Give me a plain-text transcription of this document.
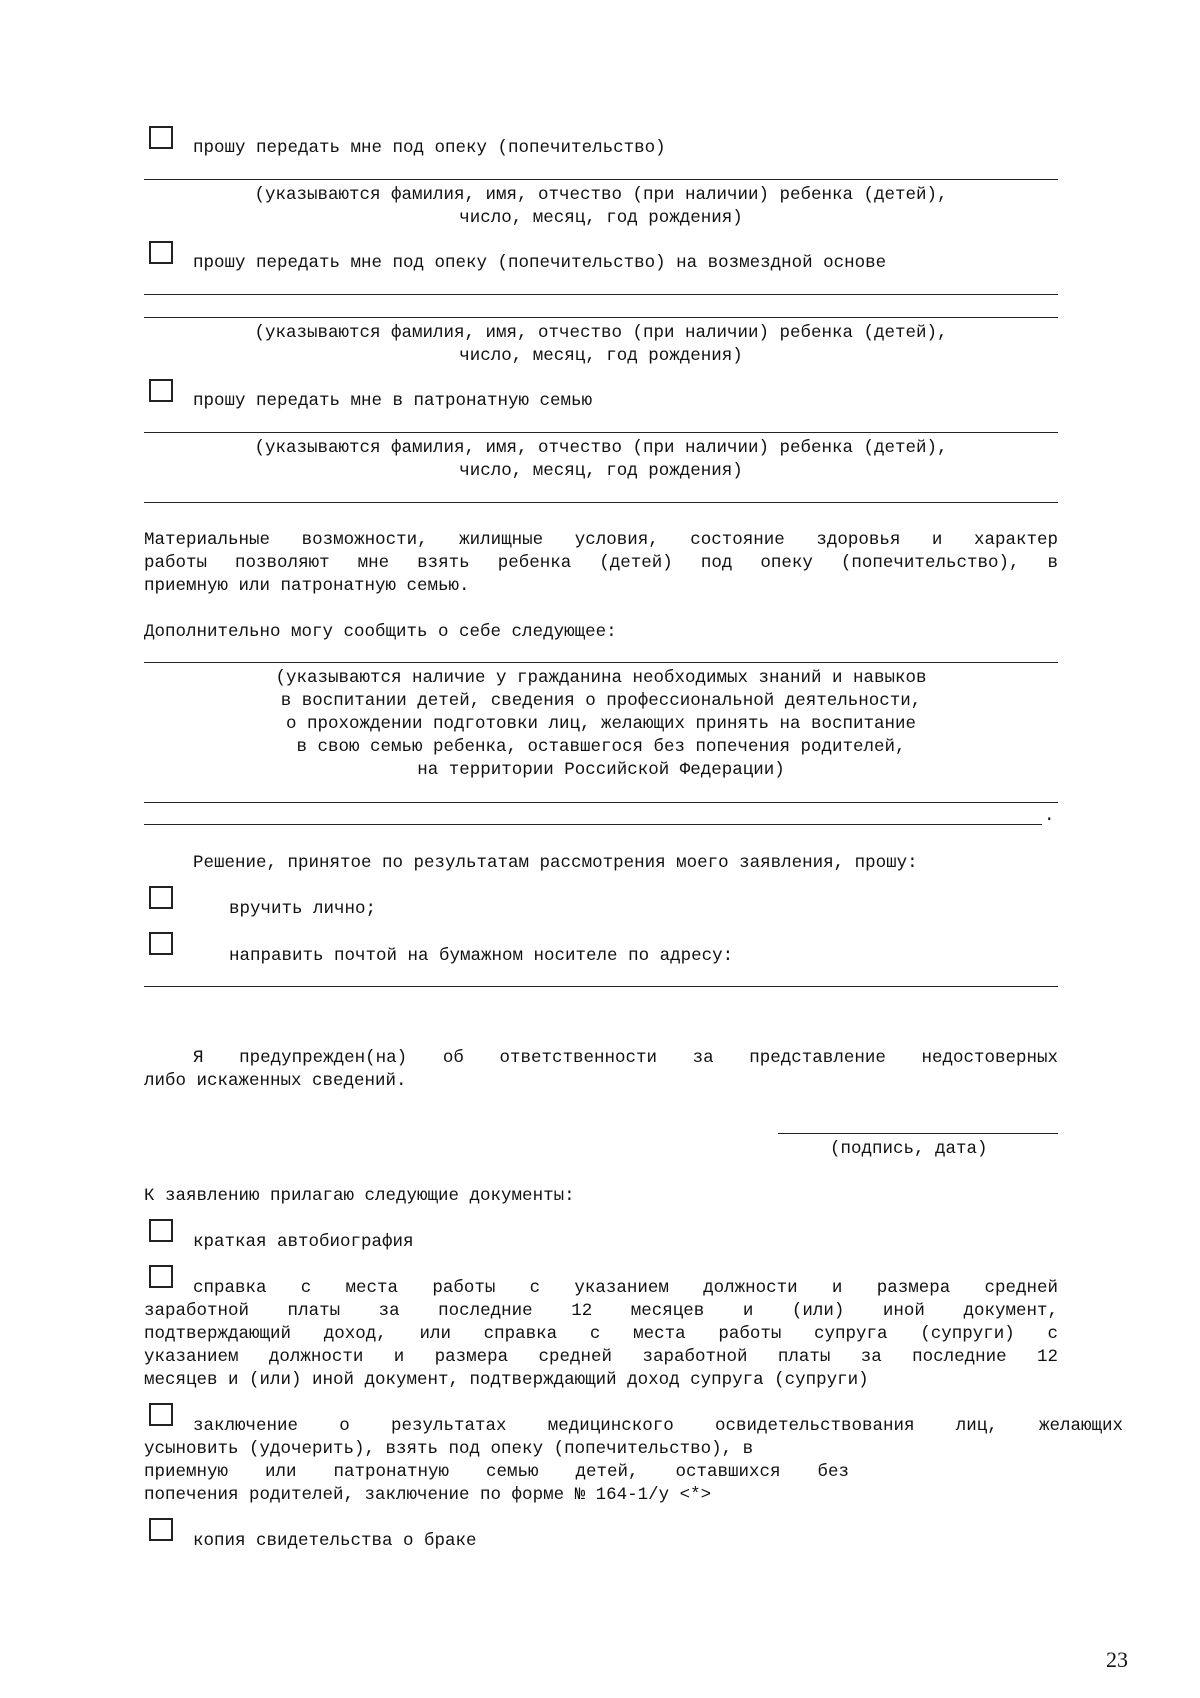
прошу передать мне под опеку (попечительство)
(указываются фамилия, имя, отчество (при наличии) ребенка (детей),
число, месяц, год рождения)
прошу передать мне под опеку (попечительство) на возмездной основе
(указываются фамилия, имя, отчество (при наличии) ребенка (детей),
число, месяц, год рождения)
прошу передать мне в патронатную семью
(указываются фамилия, имя, отчество (при наличии) ребенка (детей),
число, месяц, год рождения)
Материальные возможности, жилищные условия, состояние здоровья и характер
работы позволяют мне взять ребенка (детей) под опеку (попечительство), в
приемную или патронатную семью.
Дополнительно могу сообщить о себе следующее:
(указываются наличие у гражданина необходимых знаний и навыков
в воспитании детей, сведения о профессиональной деятельности,
о прохождении подготовки лиц, желающих принять на воспитание
в свою семью ребенка, оставшегося без попечения родителей,
на территории Российской Федерации)
.
Решение, принятое по результатам рассмотрения моего заявления, прошу:
вручить лично;
направить почтой на бумажном носителе по адресу:
Я предупрежден(на) об ответственности за представление недостоверных
либо искаженных сведений.
(подпись, дата)
К заявлению прилагаю следующие документы:
краткая автобиография
справка с места работы с указанием должности и размера средней
заработной платы за последние 12 месяцев и (или) иной документ,
подтверждающий доход, или справка с места работы супруга (супруги) с
указанием должности и размера средней заработной платы за последние 12
месяцев и (или) иной документ, подтверждающий доход супруга (супруги)
заключение о результатах медицинского освидетельствования лиц, желающих
усыновить (удочерить), взять под опеку (попечительство), в
приемную или патронатную семью детей, оставшихся без
попечения родителей, заключение по форме № 164-1/у <*>
копия свидетельства о браке
23
